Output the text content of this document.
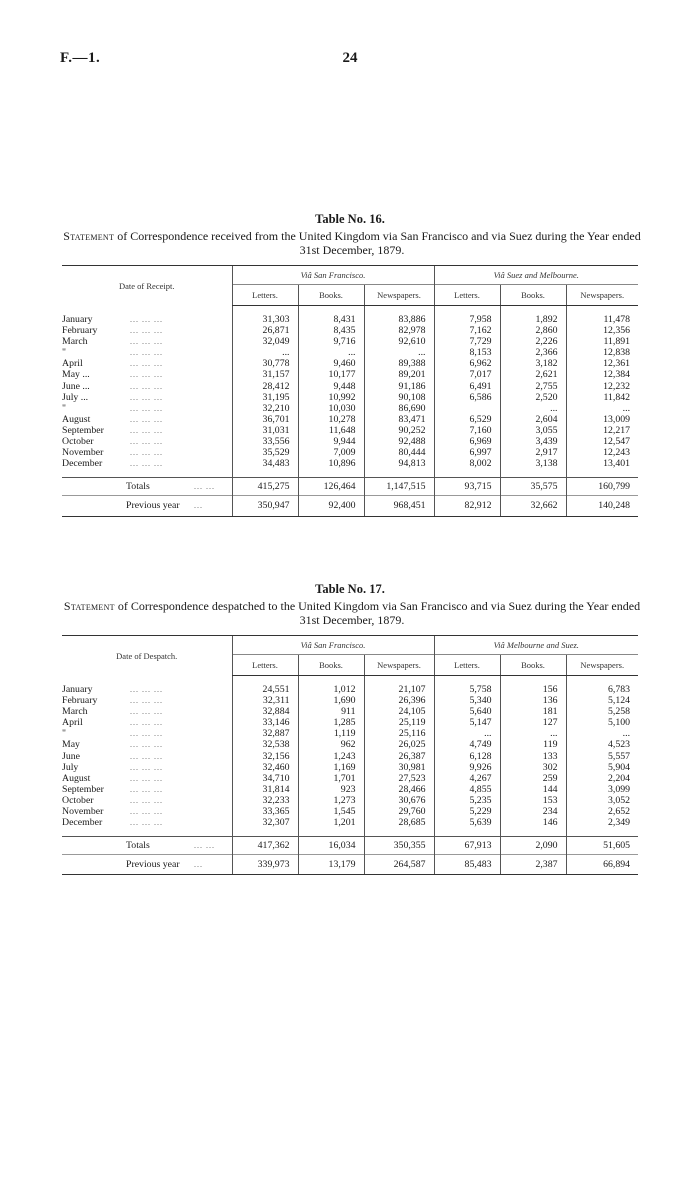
F.—1.	24

Table No. 16.

Statement of Correspondence received from the United Kingdom via San Francisco and via Suez during the Year ended 31st December, 1879.

Date of Receipt.	Viâ San Francisco.			Viâ Suez and Melbourne.		
	Letters.	Books.	Newspapers.	Letters.	Books.	Newspapers.

January ... ... ...	31,303	8,431	83,886	7,958	1,892	11,478
February ... ... ...	26,871	8,435	82,978	7,162	2,860	12,356
March ... ... ...	32,049	9,716	92,610	7,729	2,226	11,891
" ... ... ...	...	...	...	8,153	2,366	12,838
April ... ... ...	30,778	9,460	89,388	6,962	3,182	12,361
May ... ... ... ...	31,157	10,177	89,201	7,017	2,621	12,384
June ... ... ... ...	28,412	9,448	91,186	6,491	2,755	12,232
July ... ... ... ...	31,195	10,992	90,108	6,586	2,520	11,842
" ... ... ...	32,210	10,030	86,690		...	...
August ... ... ...	36,701	10,278	83,471	6,529	2,604	13,009
September ... ... ...	31,031	11,648	90,252	7,160	3,055	12,217
October ... ... ...	33,556	9,944	92,488	6,969	3,439	12,547
November ... ... ...	35,529	7,009	80,444	6,997	2,917	12,243
December ... ... ...	34,483	10,896	94,813	8,002	3,138	13,401

Totals ... ...	415,275	126,464	1,147,515	93,715	35,575	160,799
Previous year ...	350,947	92,400	968,451	82,912	32,662	140,248

Table No. 17.

Statement of Correspondence despatched to the United Kingdom via San Francisco and via Suez during the Year ended 31st December, 1879.

Date of Despatch.	Viâ San Francisco.			Viâ Melbourne and Suez.		
	Letters.	Books.	Newspapers.	Letters.	Books.	Newspapers.

January ... ... ...	24,551	1,012	21,107	5,758	156	6,783
February ... ... ...	32,311	1,690	26,396	5,340	136	5,124
March ... ... ...	32,884	911	24,105	5,640	181	5,258
April ... ... ...	33,146	1,285	25,119	5,147	127	5,100
" ... ... ...	32,887	1,119	25,116	...	...	...
May ... ... ...	32,538	962	26,025	4,749	119	4,523
June ... ... ...	32,156	1,243	26,387	6,128	133	5,557
July ... ... ...	32,460	1,169	30,981	9,926	302	5,904
August ... ... ...	34,710	1,701	27,523	4,267	259	2,204
September ... ... ...	31,814	923	28,466	4,855	144	3,099
October ... ... ...	32,233	1,273	30,676	5,235	153	3,052
November ... ... ...	33,365	1,545	29,760	5,229	234	2,652
December ... ... ...	32,307	1,201	28,685	5,639	146	2,349

Totals ... ...	417,362	16,034	350,355	67,913	2,090	51,605
Previous year ...	339,973	13,179	264,587	85,483	2,387	66,894
